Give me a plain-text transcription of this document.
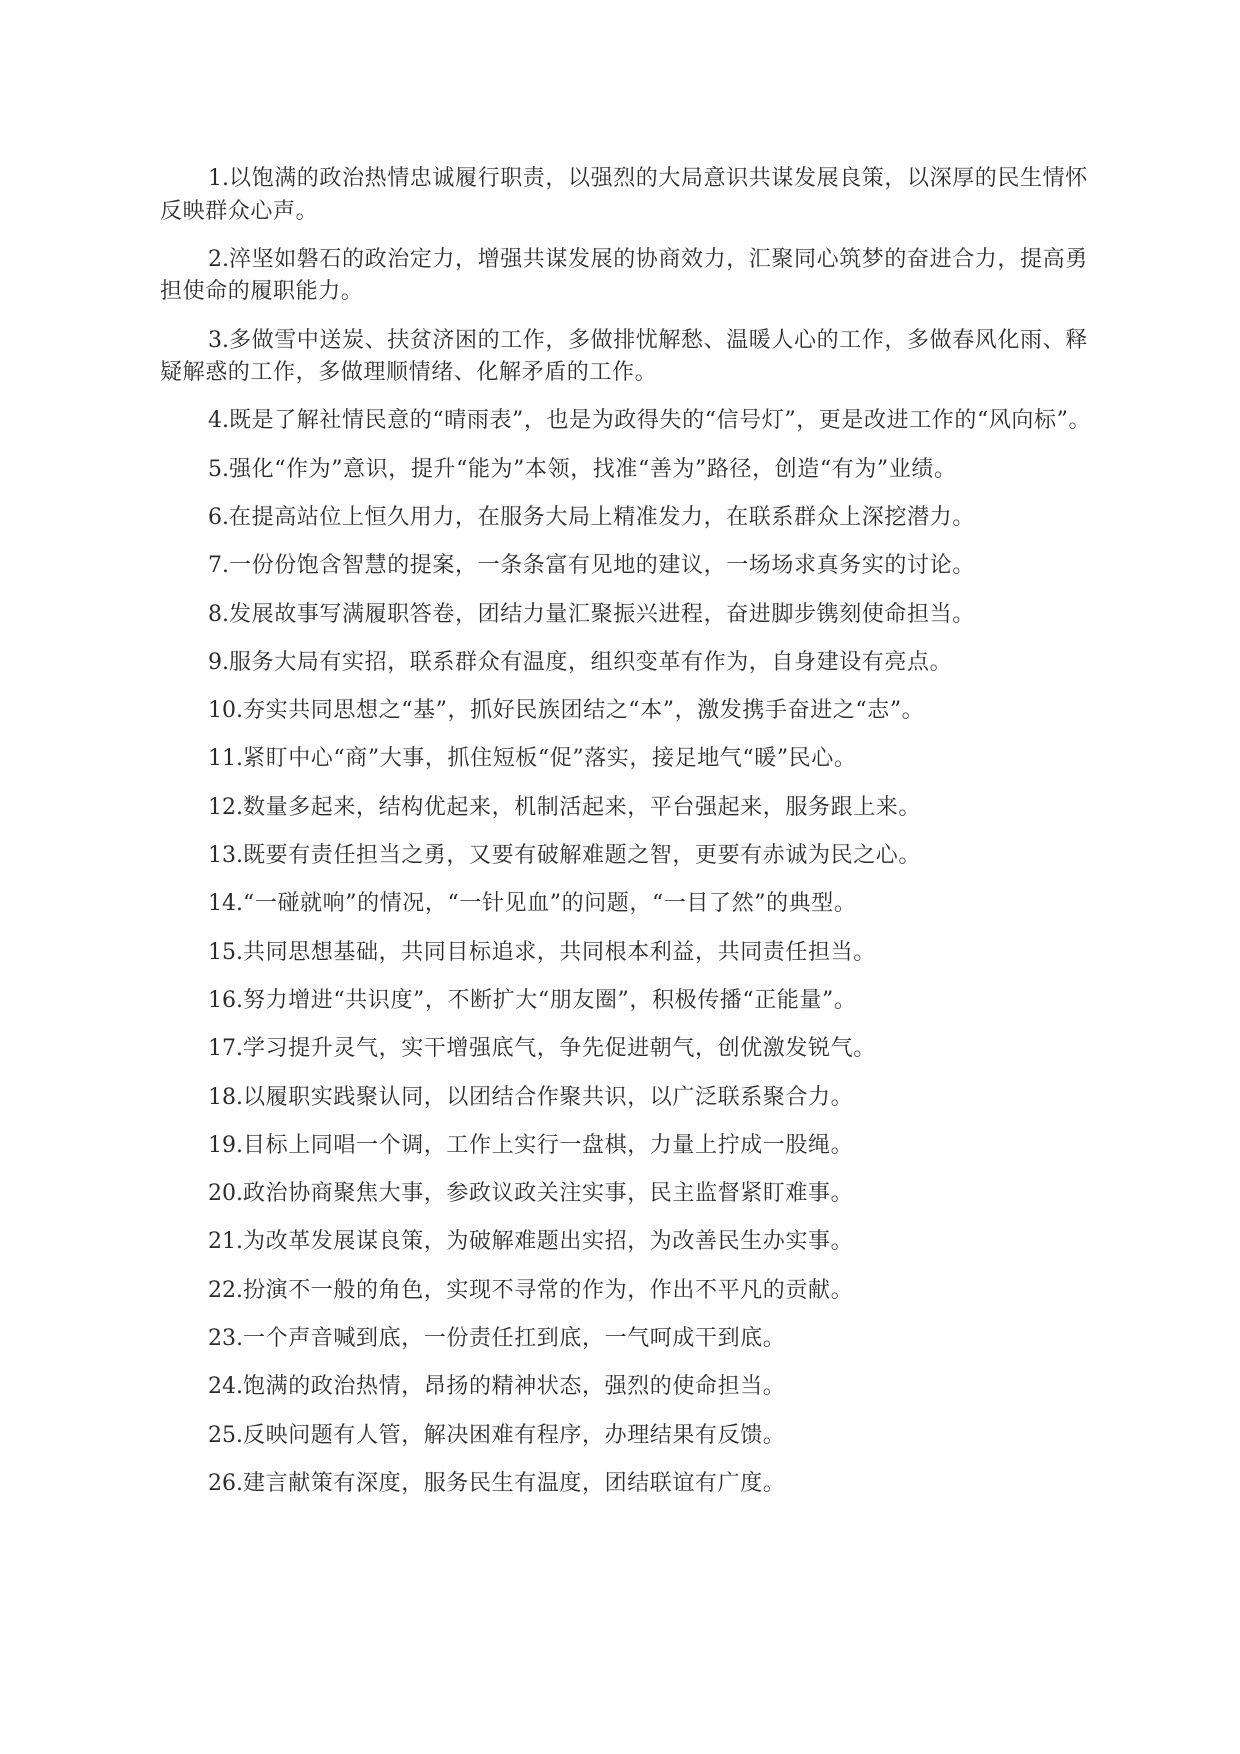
1.以饱满的政治热情忠诚履行职责，以强烈的大局意识共谋发展良策，以深厚的民生情怀反映群众心声。

2.淬坚如磐石的政治定力，增强共谋发展的协商效力，汇聚同心筑梦的奋进合力，提高勇担使命的履职能力。

3.多做雪中送炭、扶贫济困的工作，多做排忧解愁、温暖人心的工作，多做春风化雨、释疑解惑的工作，多做理顺情绪、化解矛盾的工作。

4.既是了解社情民意的“晴雨表”，也是为政得失的“信号灯”，更是改进工作的“风向标”。

5.强化“作为”意识，提升“能为”本领，找准“善为”路径，创造“有为”业绩。

6.在提高站位上恒久用力，在服务大局上精准发力，在联系群众上深挖潜力。

7.一份份饱含智慧的提案，一条条富有见地的建议，一场场求真务实的讨论。

8.发展故事写满履职答卷，团结力量汇聚振兴进程，奋进脚步镌刻使命担当。

9.服务大局有实招，联系群众有温度，组织变革有作为，自身建设有亮点。

10.夯实共同思想之“基”，抓好民族团结之“本”，激发携手奋进之“志”。

11.紧盯中心“商”大事，抓住短板“促”落实，接足地气“暖”民心。

12.数量多起来，结构优起来，机制活起来，平台强起来，服务跟上来。

13.既要有责任担当之勇，又要有破解难题之智，更要有赤诚为民之心。

14.“一碰就响”的情况，“一针见血”的问题，“一目了然”的典型。

15.共同思想基础，共同目标追求，共同根本利益，共同责任担当。

16.努力增进“共识度”，不断扩大“朋友圈”，积极传播“正能量”。

17.学习提升灵气，实干增强底气，争先促进朝气，创优激发锐气。

18.以履职实践聚认同，以团结合作聚共识，以广泛联系聚合力。

19.目标上同唱一个调，工作上实行一盘棋，力量上拧成一股绳。

20.政治协商聚焦大事，参政议政关注实事，民主监督紧盯难事。

21.为改革发展谋良策，为破解难题出实招，为改善民生办实事。

22.扮演不一般的角色，实现不寻常的作为，作出不平凡的贡献。

23.一个声音喊到底，一份责任扛到底，一气呵成干到底。

24.饱满的政治热情，昂扬的精神状态，强烈的使命担当。

25.反映问题有人管，解决困难有程序，办理结果有反馈。

26.建言献策有深度，服务民生有温度，团结联谊有广度。
